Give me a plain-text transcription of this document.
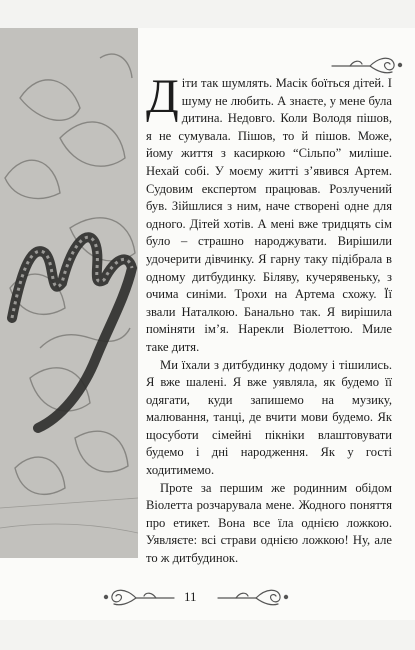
Діти так шумлять. Масік боїться дітей. І шуму не любить. А знаєте, у мене була дитина. Недовго. Коли Володя пішов, я не сумувала. Пішов, то й пішов. Може, йому життя з касиркою “Сільпо” миліше. Нехай собі. У моєму житті з’явився Артем. Судовим експертом працював. Розлучений був. Зійшлися з ним, наче створені одне для одного. Дітей хотів. А мені вже тридцять сім було – страшно народжувати. Вирішили удочерити дівчинку. Я гарну таку підібрала в одному дитбудинку. Біляву, кучерявеньку, з очима синіми. Трохи на Артема схожу. Її звали Наталкою. Банально так. Я вирішила поміняти ім’я. Нарекли Віолеттою. Миле таке дитя.

Ми їхали з дитбудинку додому і тішились. Я вже шалені. Я вже уявляла, як будемо її одягати, куди запишемо на музику, малювання, танці, де вчити мови будемо. Як щосуботи сімейні пікніки влаштовувати будемо і дні народження. Як у гості ходитимемо.

Проте за першим же родинним обідом Віолетта розчарувала мене. Жодного поняття про етикет. Вона все їла однією ложкою. Уявляєте: всі страви однією ложкою! Ну, але то ж дитбудинок.

11
